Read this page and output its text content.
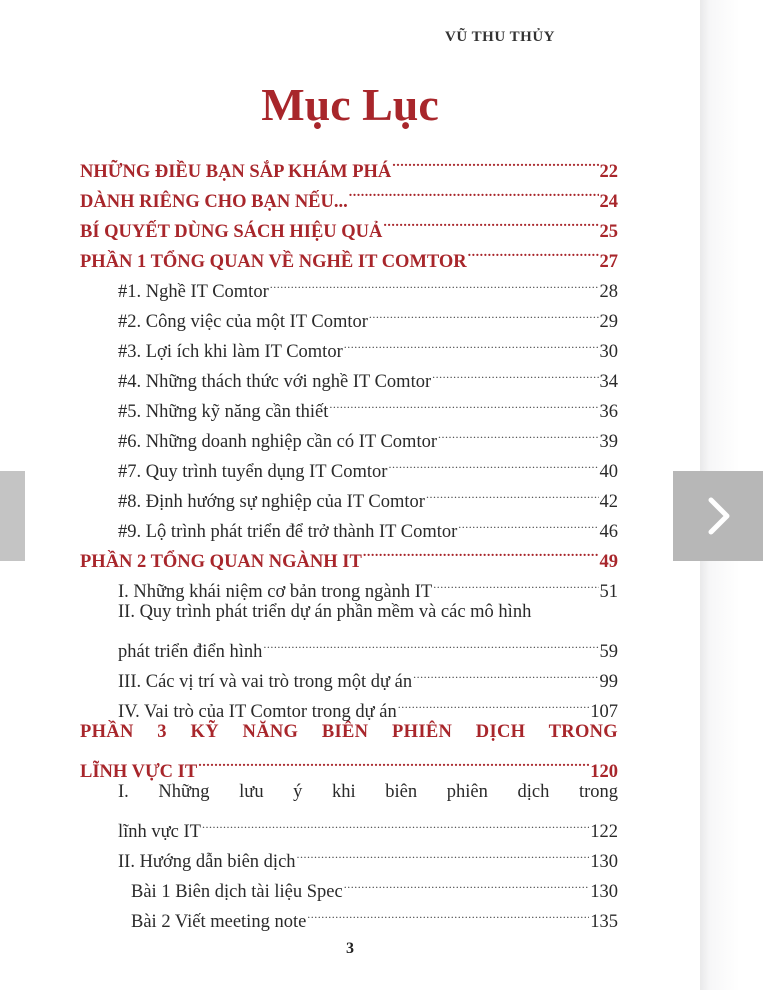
VŨ THU THỦY
Mục Lục
NHỮNG ĐIỀU BẠN SẮP KHÁM PHÁ .....	22
DÀNH RIÊNG CHO BẠN NẾU... .....	24
BÍ QUYẾT DÙNG SÁCH HIỆU QUẢ .....	25
PHẦN 1 TỔNG QUAN VỀ NGHỀ IT COMTOR .....	27
#1. Nghề IT Comtor .....	28
#2. Công việc của một IT Comtor .....	29
#3. Lợi ích khi làm IT Comtor .....	30
#4. Những thách thức với nghề IT Comtor .....	34
#5. Những kỹ năng cần thiết .....	36
#6. Những doanh nghiệp cần có IT Comtor .....	39
#7. Quy trình tuyển dụng IT Comtor .....	40
#8. Định hướng sự nghiệp của IT Comtor .....	42
#9. Lộ trình phát triển để trở thành IT Comtor .....	46
PHẦN 2 TỔNG QUAN NGÀNH IT .....	49
I. Những khái niệm cơ bản trong ngành IT .....	51
II. Quy trình phát triển dự án phần mềm và các mô hình
phát triển điển hình .....	59
III. Các vị trí và vai trò trong một dự án .....	99
IV. Vai trò của IT Comtor trong dự án .....	107
PHẦN 3 KỸ NĂNG BIÊN PHIÊN DỊCH TRONG
LĨNH VỰC IT .....	120
I. Những lưu ý khi biên phiên dịch trong
lĩnh vực IT .....	122
II. Hướng dẫn biên dịch .....	130
Bài 1 Biên dịch tài liệu Spec .....	130
Bài 2 Viết meeting note .....	135
3
